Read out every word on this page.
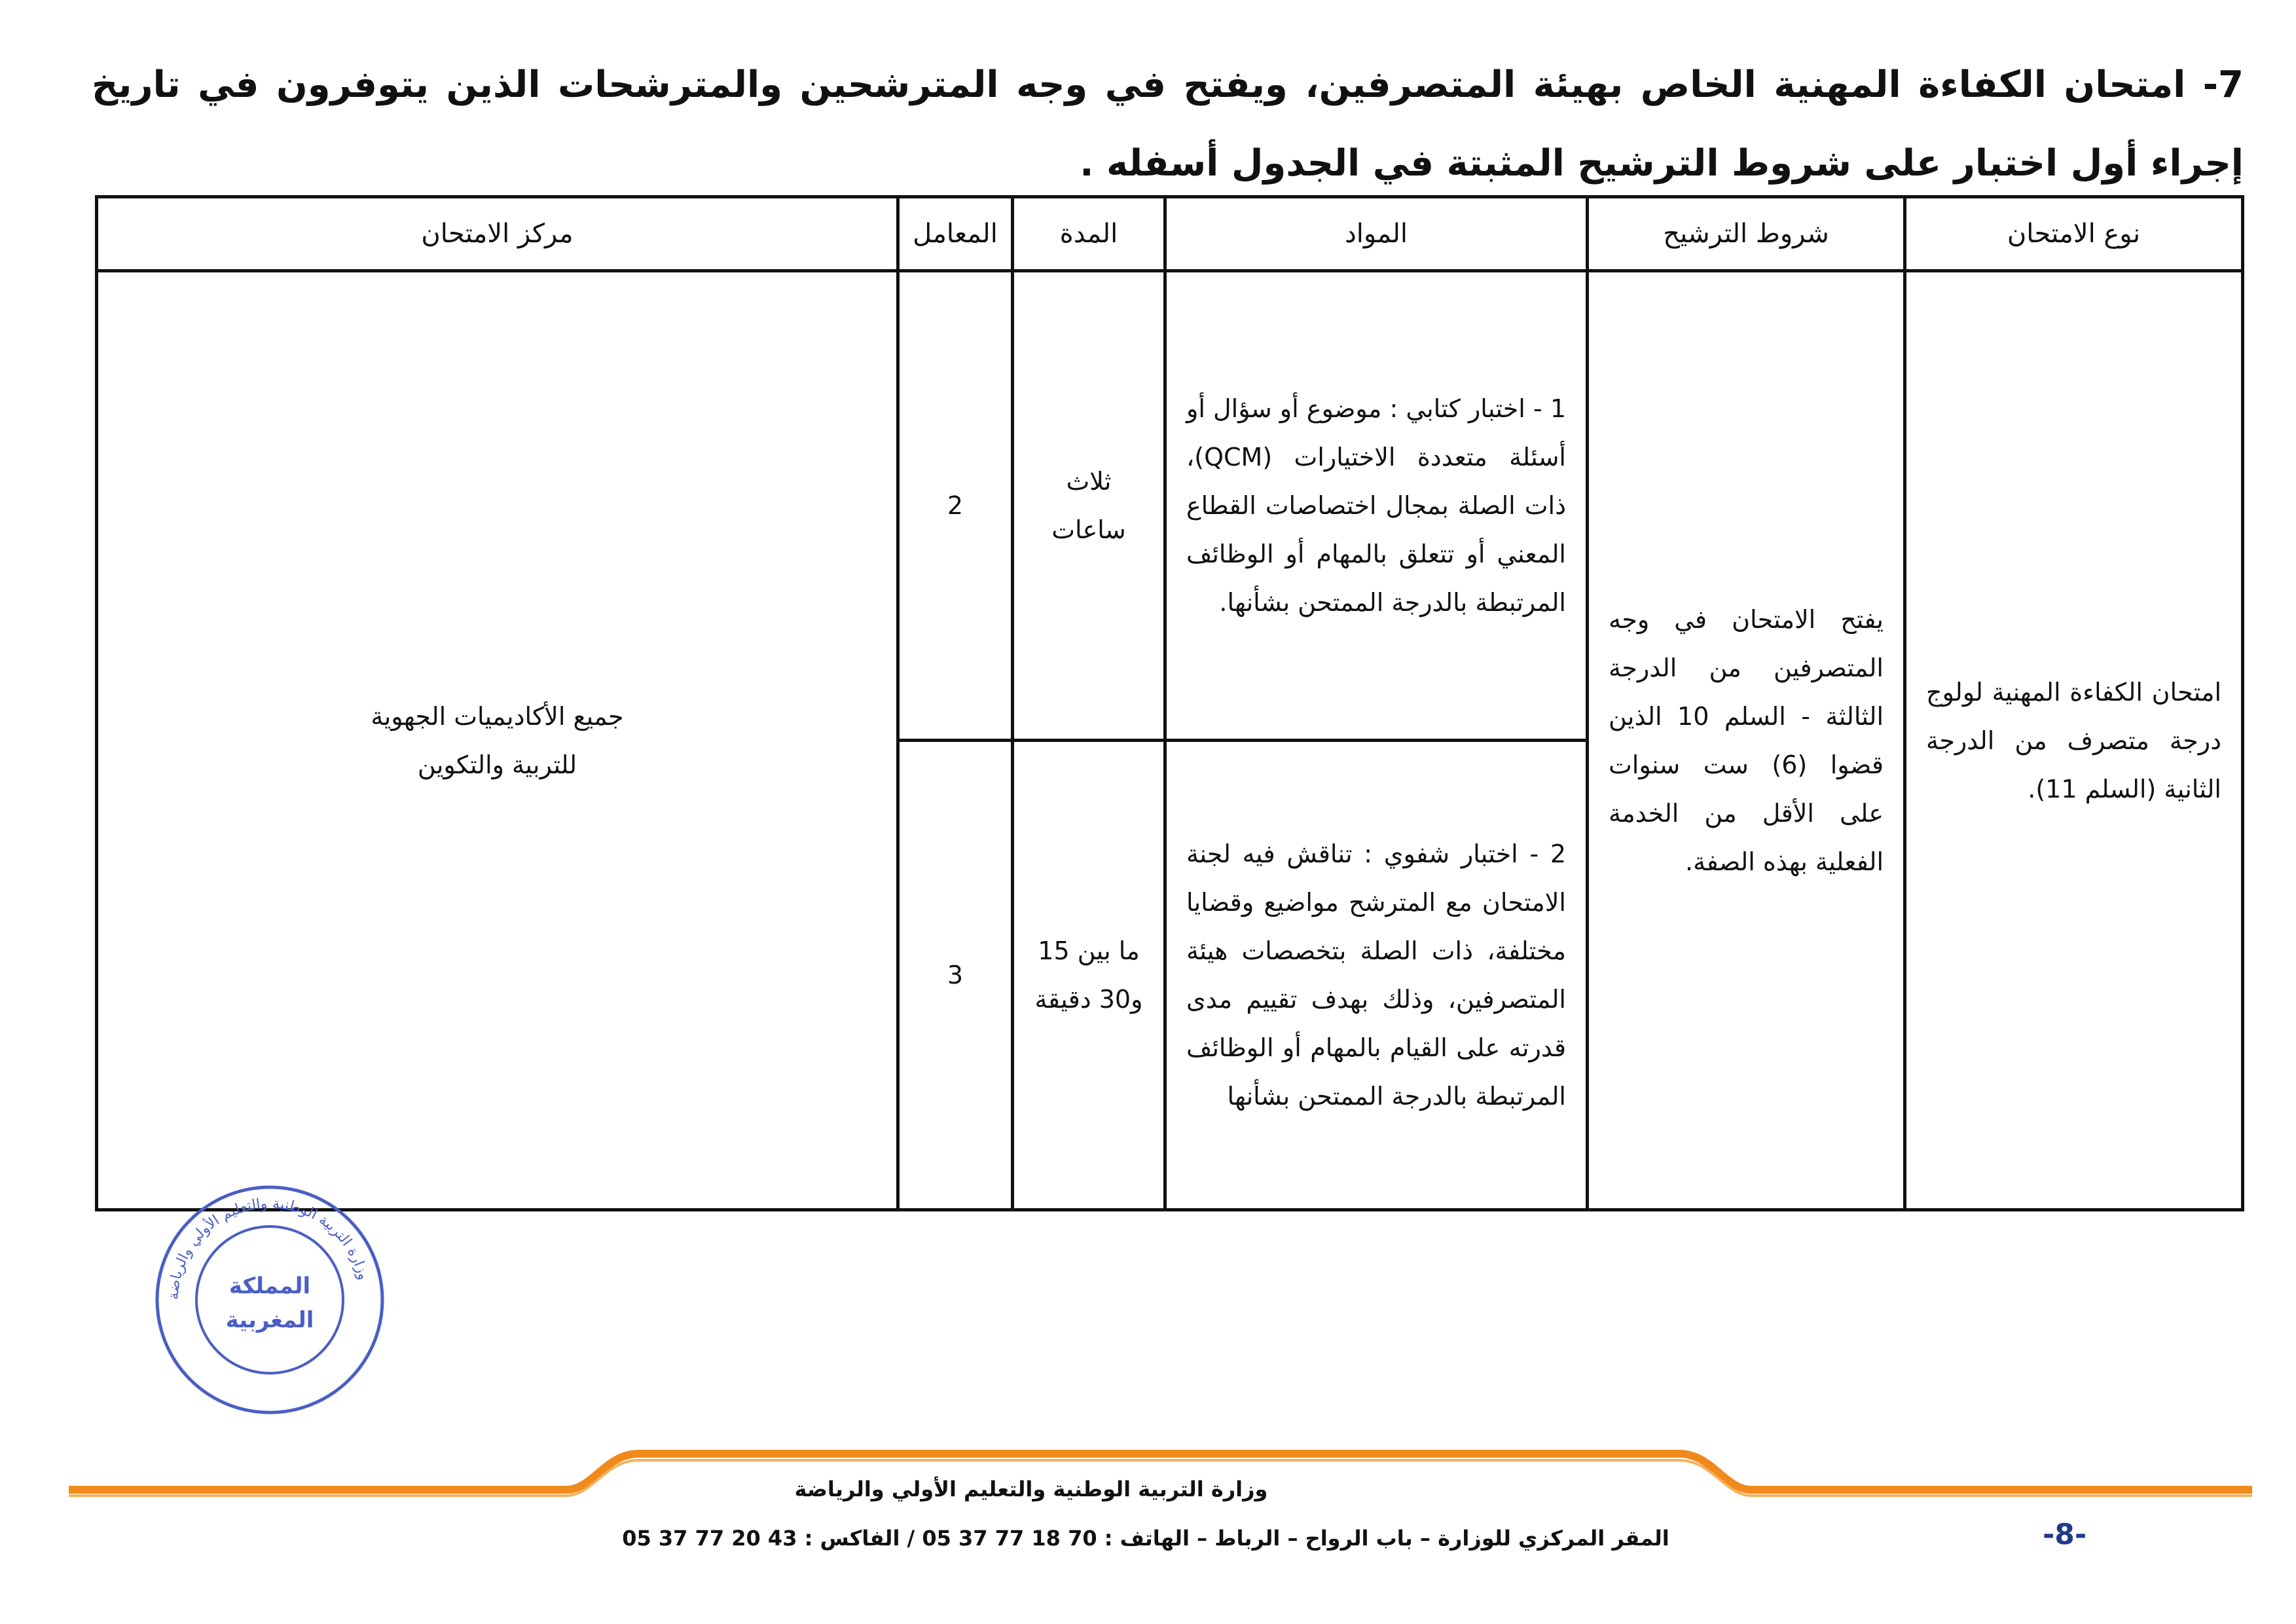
7- امتحان الكفاءة المهنية الخاص بهيئة المتصرفين، ويفتح في وجه المترشحين والمترشحات الذين يتوفرون في تاريخ إجراء أول اختبار على شروط الترشيح المثبتة في الجدول أسفله .
نوع الامتحان	شروط الترشيح	المواد	المدة	المعامل	مركز الامتحان
امتحان الكفاءة المهنية لولوج درجة متصرف من الدرجة الثانية (السلم 11).	يفتح الامتحان في وجه المتصرفين من الدرجة الثالثة - السلم 10 الذين قضوا (6) ست سنوات على الأقل من الخدمة الفعلية بهذه الصفة.	1 - اختبار كتابي : موضوع أو سؤال أو أسئلة متعددة الاختيارات (QCM)، ذات الصلة بمجال اختصاصات القطاع المعني أو تتعلق بالمهام أو الوظائف المرتبطة بالدرجة الممتحن بشأنها.	ثلاث ساعات	2	جميع الأكاديميات الجهوية للتربية والتكوين
		2 - اختبار شفوي : تناقش فيه لجنة الامتحان مع المترشح مواضيع وقضايا مختلفة، ذات الصلة بتخصصات هيئة المتصرفين، وذلك بهدف تقييم مدى قدرته على القيام بالمهام أو الوظائف المرتبطة بالدرجة الممتحن بشأنها	ما بين 15 و30 دقيقة	3	
وزارة التربية الوطنية والتعليم الأولي والرياضة
المملكة
المغربية
وزارة التربية الوطنية والتعليم الأولي والرياضة
المقر المركزي للوزارة – باب الرواح – الرباط – الهاتف : 70 18 77 37 05 / الفاكس : 43 20 77 37 05	-8-
